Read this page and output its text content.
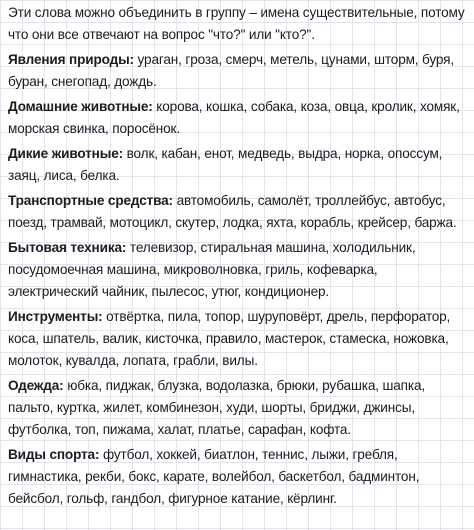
Эти слова можно объединить в группу – имена существительные, потому что они все отвечают на вопрос "что?" или "кто?".

Явления природы: ураган, гроза, смерч, метель, цунами, шторм, буря, буран, снегопад, дождь.

Домашние животные: корова, кошка, собака, коза, овца, кролик, хомяк, морская свинка, поросёнок.

Дикие животные: волк, кабан, енот, медведь, выдра, норка, опоссум, заяц, лиса, белка.

Транспортные средства: автомобиль, самолёт, троллейбус, автобус, поезд, трамвай, мотоцикл, скутер, лодка, яхта, корабль, крейсер, баржа.

Бытовая техника: телевизор, стиральная машина, холодильник, посудомоечная машина, микроволновка, гриль, кофеварка, электрический чайник, пылесос, утюг, кондиционер.

Инструменты: отвёртка, пила, топор, шуруповёрт, дрель, перфоратор, коса, шпатель, валик, кисточка, правило, мастерок, стамеска, ножовка, молоток, кувалда, лопата, грабли, вилы.

Одежда: юбка, пиджак, блузка, водолазка, брюки, рубашка, шапка, пальто, куртка, жилет, комбинезон, худи, шорты, бриджи, джинсы, футболка, топ, пижама, халат, платье, сарафан, кофта.

Виды спорта: футбол, хоккей, биатлон, теннис, лыжи, гребля, гимнастика, рекби, бокс, карате, волейбол, баскетбол, бадминтон, бейсбол, гольф, гандбол, фигурное катание, кёрлинг.
